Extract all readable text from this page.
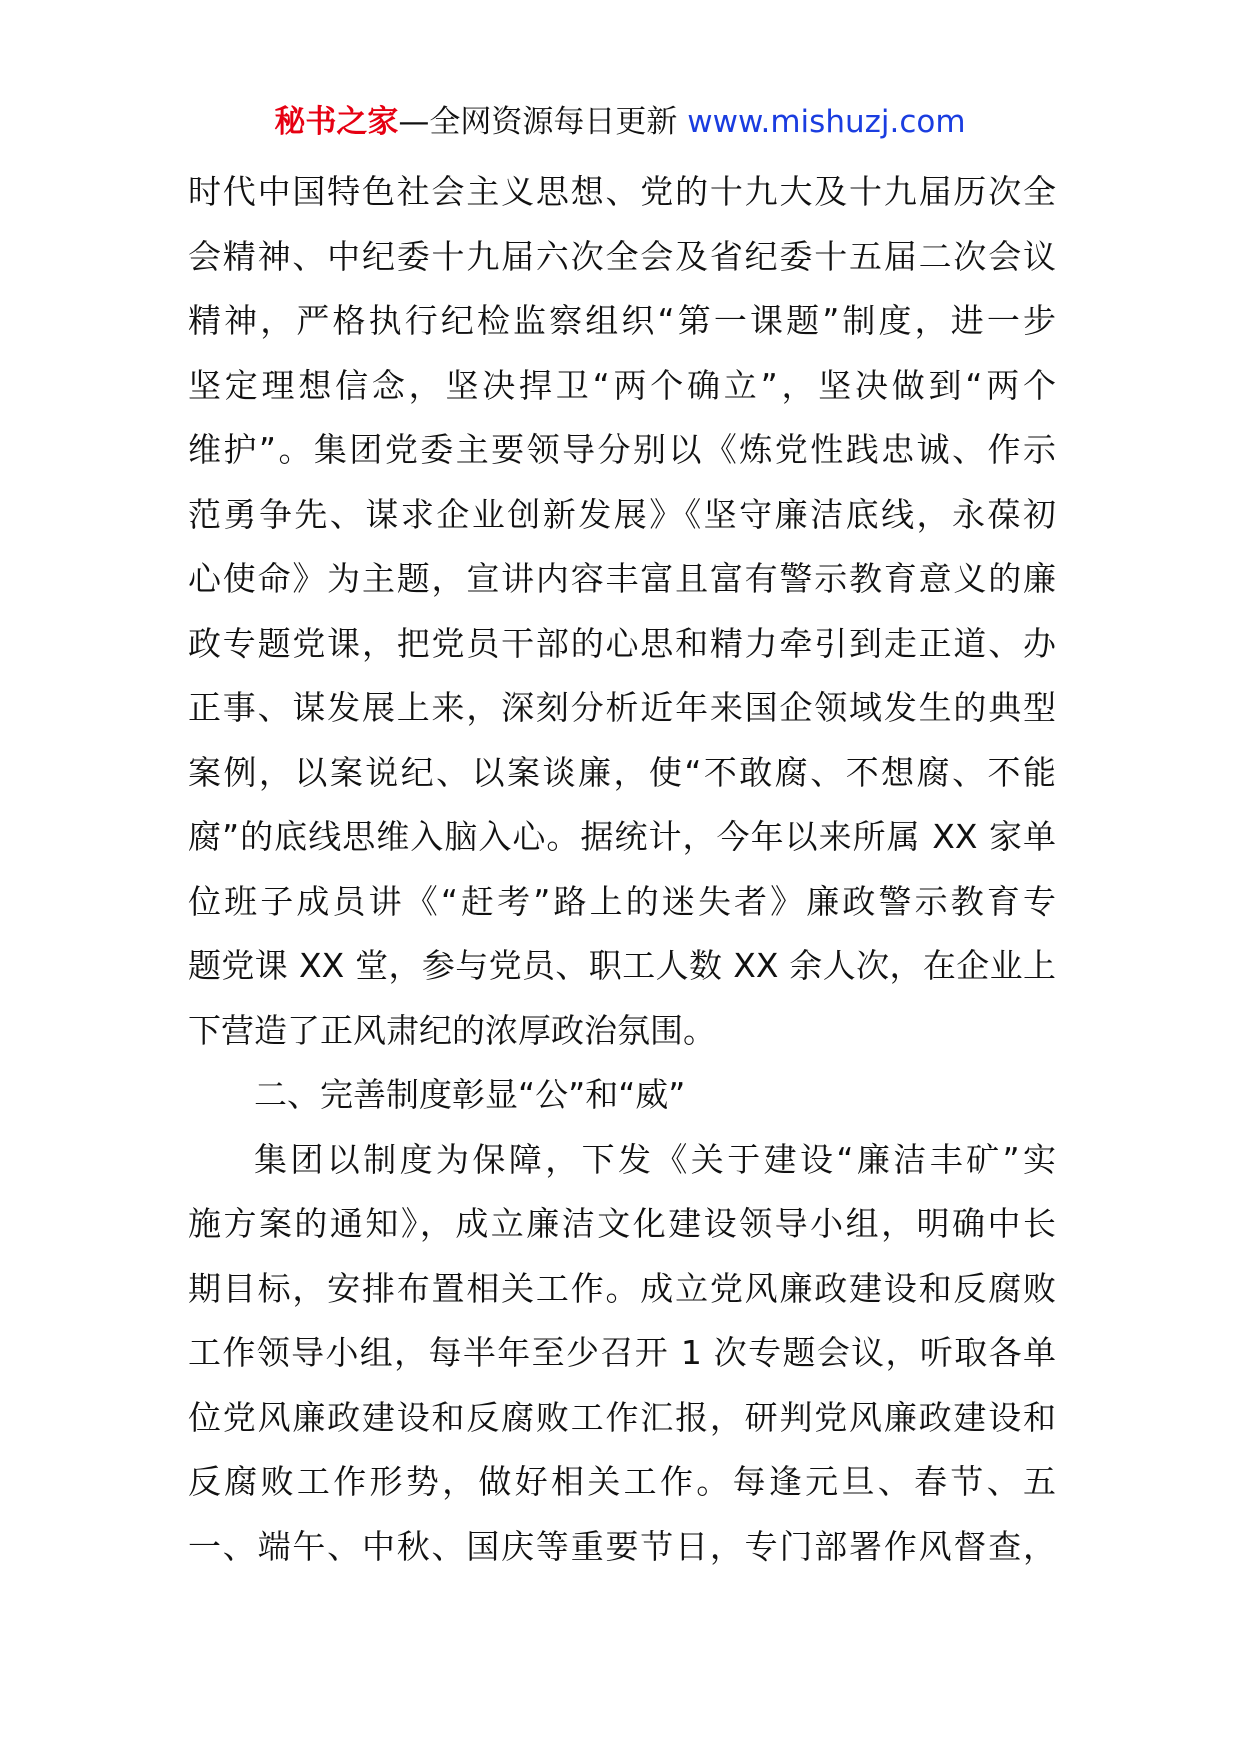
秘书之家—全网资源每日更新 www.mishuzj.com
时代中国特色社会主义思想、党的十九大及十九届历次全
会精神、中纪委十九届六次全会及省纪委十五届二次会议
精神，严格执行纪检监察组织“第一课题”制度，进一步
坚定理想信念，坚决捍卫“两个确立”，坚决做到“两个
维护”。集团党委主要领导分别以《炼党性践忠诚、作示
范勇争先、谋求企业创新发展》《坚守廉洁底线，永葆初
心使命》为主题，宣讲内容丰富且富有警示教育意义的廉
政专题党课，把党员干部的心思和精力牵引到走正道、办
正事、谋发展上来，深刻分析近年来国企领域发生的典型
案例，以案说纪、以案谈廉，使“不敢腐、不想腐、不能
腐”的底线思维入脑入心。据统计，今年以来所属 XX 家单
位班子成员讲《“赶考”路上的迷失者》廉政警示教育专
题党课 XX 堂，参与党员、职工人数 XX 余人次，在企业上
下营造了正风肃纪的浓厚政治氛围。
二、完善制度彰显“公”和“威”
集团以制度为保障，下发《关于建设“廉洁丰矿”实
施方案的通知》，成立廉洁文化建设领导小组，明确中长
期目标，安排布置相关工作。成立党风廉政建设和反腐败
工作领导小组，每半年至少召开 1 次专题会议，听取各单
位党风廉政建设和反腐败工作汇报，研判党风廉政建设和
反腐败工作形势，做好相关工作。每逢元旦、春节、五
一、端午、中秋、国庆等重要节日，专门部署作风督查，
